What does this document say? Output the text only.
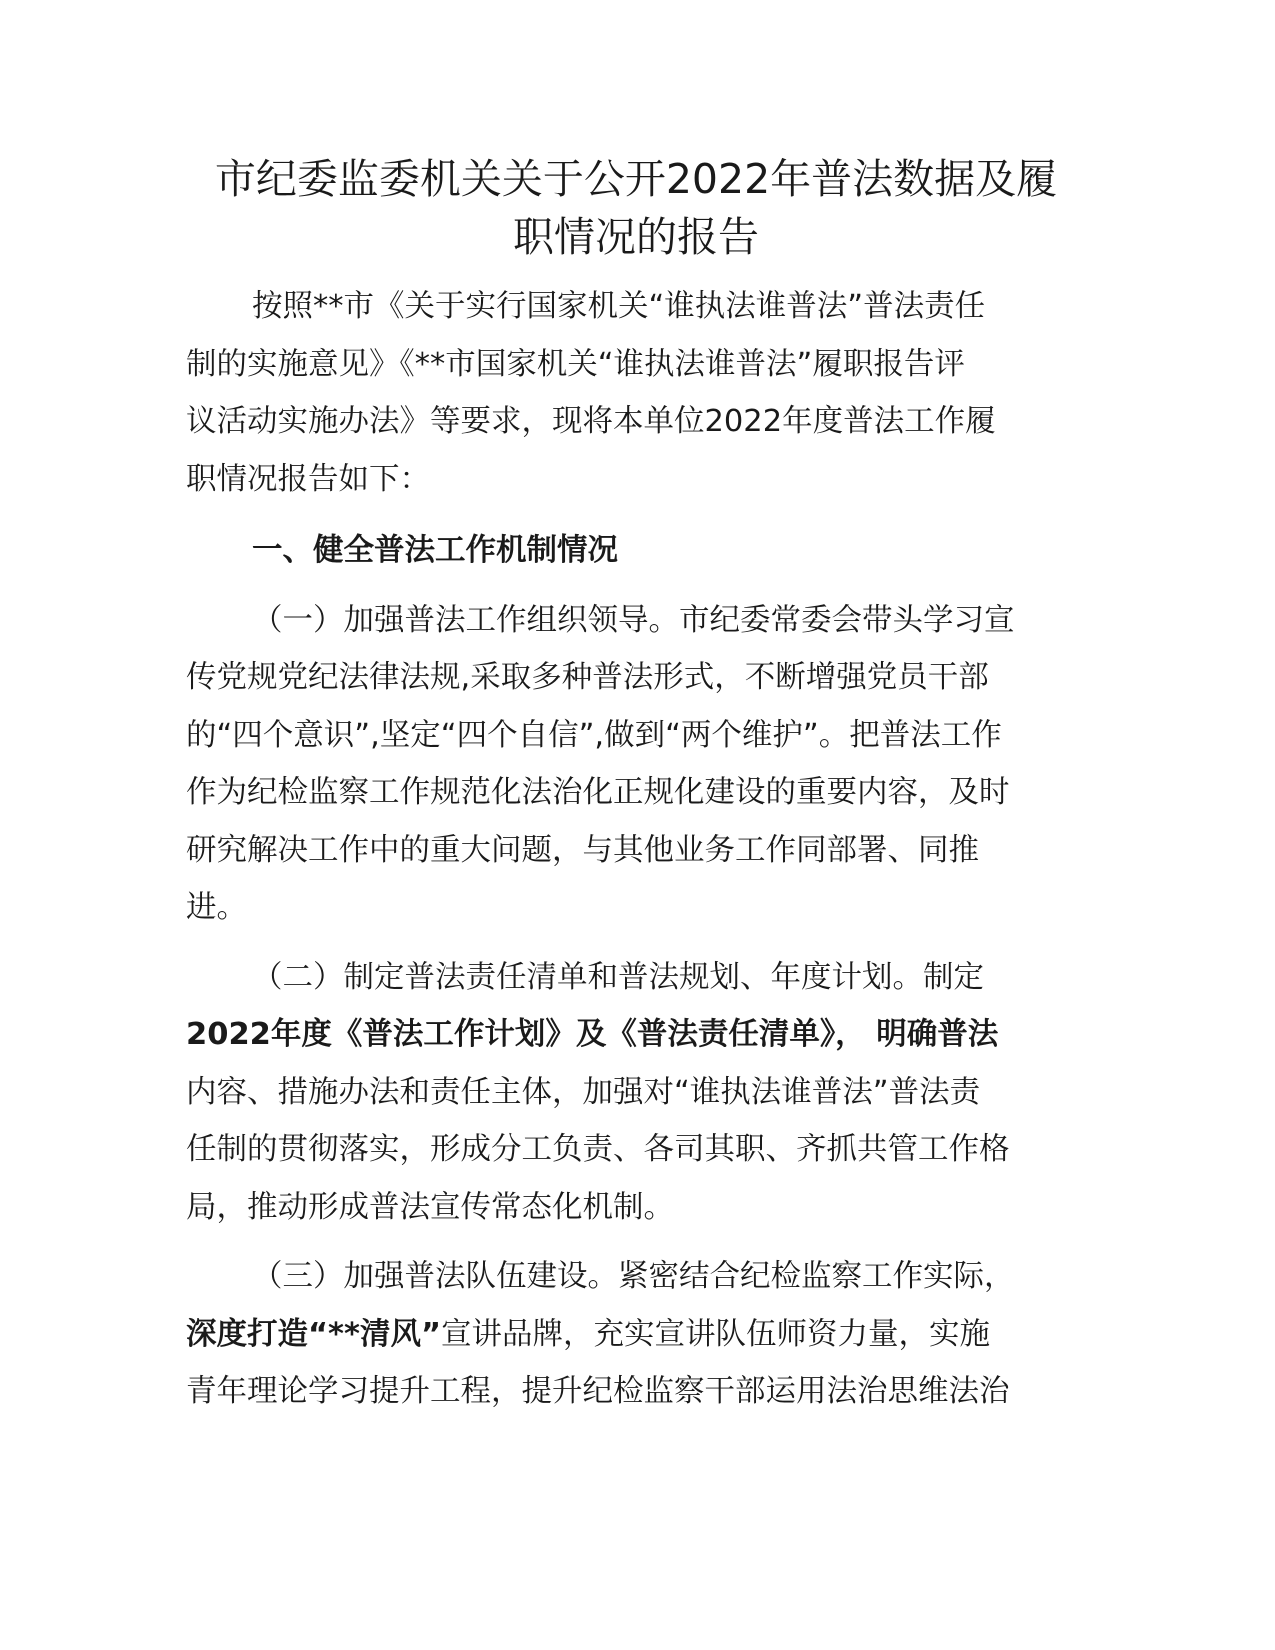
市纪委监委机关关于公开2022年普法数据及履
职情况的报告

按照**市《关于实行国家机关“谁执法谁普法”普法责任
制的实施意见》《**市国家机关“谁执法谁普法”履职报告评
议活动实施办法》等要求，现将本单位2022年度普法工作履
职情况报告如下：

一、健全普法工作机制情况

（一）加强普法工作组织领导。市纪委常委会带头学习宣
传党规党纪法律法规,采取多种普法形式，不断增强党员干部
的“四个意识”,坚定“四个自信”,做到“两个维护”。把普法工作
作为纪检监察工作规范化法治化正规化建设的重要内容，及时
研究解决工作中的重大问题，与其他业务工作同部署、同推
进。

（二）制定普法责任清单和普法规划、年度计划。制定
2022年度《普法工作计划》及《普法责任清单》， 明确普法
内容、措施办法和责任主体，加强对“谁执法谁普法”普法责
任制的贯彻落实，形成分工负责、各司其职、齐抓共管工作格
局，推动形成普法宣传常态化机制。

（三）加强普法队伍建设。紧密结合纪检监察工作实际，
深度打造“**清风”宣讲品牌，充实宣讲队伍师资力量，实施
青年理论学习提升工程，提升纪检监察干部运用法治思维法治
